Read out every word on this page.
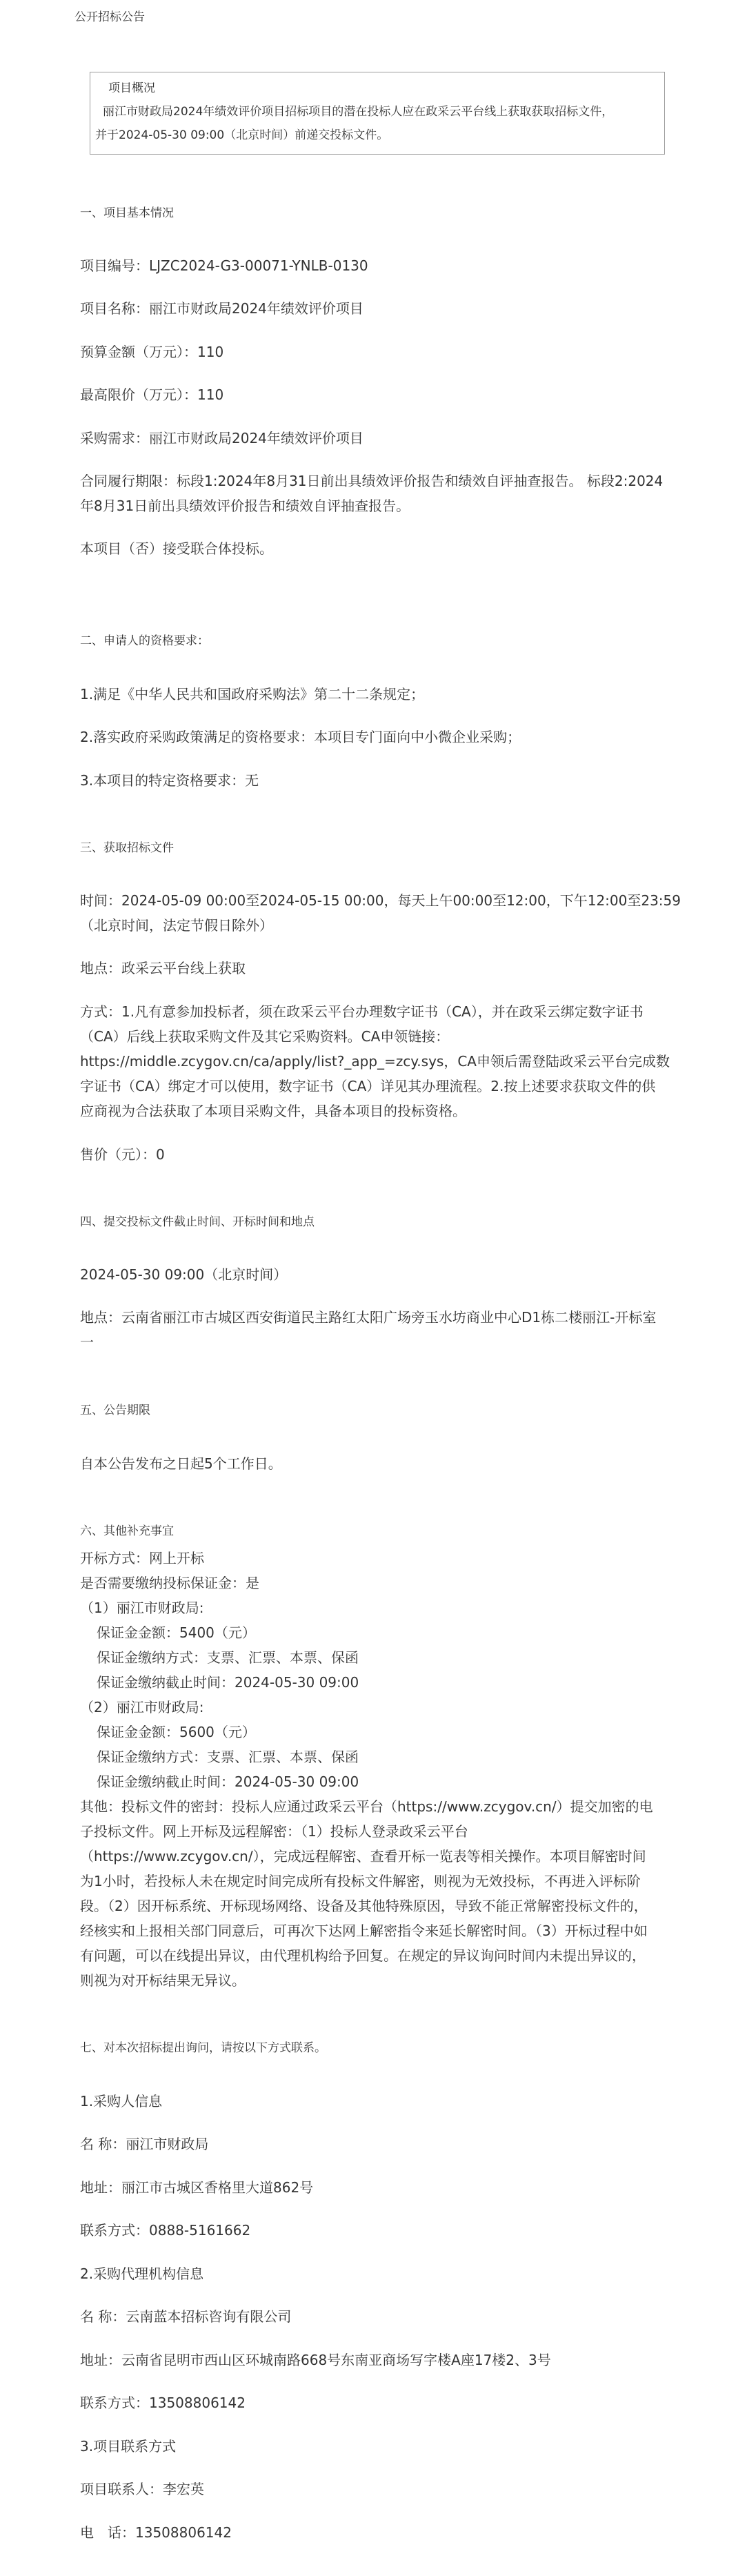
公开招标公告

项目概况

丽江市财政局2024年绩效评价项目招标项目的潜在投标人应在政采云平台线上获取获取招标文件，

并于2024-05-30 09:00（北京时间）前递交投标文件。

一、项目基本情况

项目编号：LJZC2024-G3-00071-YNLB-0130

项目名称：丽江市财政局2024年绩效评价项目

预算金额（万元）：110

最高限价（万元）：110

采购需求：丽江市财政局2024年绩效评价项目

合同履行期限：标段1:2024年8月31日前出具绩效评价报告和绩效自评抽查报告。 标段2:2024

年8月31日前出具绩效评价报告和绩效自评抽查报告。

本项目（否）接受联合体投标。

二、申请人的资格要求：

1.满足《中华人民共和国政府采购法》第二十二条规定；

2.落实政府采购政策满足的资格要求：本项目专门面向中小微企业采购；

3.本项目的特定资格要求：无

三、获取招标文件

时间：2024-05-09 00:00至2024-05-15 00:00，每天上午00:00至12:00，下午12:00至23:59

（北京时间，法定节假日除外）

地点：政采云平台线上获取

方式：1.凡有意参加投标者，须在政采云平台办理数字证书（CA），并在政采云绑定数字证书

（CA）后线上获取采购文件及其它采购资料。CA申领链接：

https://middle.zcygov.cn/ca/apply/list?_app_=zcy.sys，CA申领后需登陆政采云平台完成数

字证书（CA）绑定才可以使用，数字证书（CA）详见其办理流程。2.按上述要求获取文件的供

应商视为合法获取了本项目采购文件，具备本项目的投标资格。

售价（元）：0

四、提交投标文件截止时间、开标时间和地点

2024-05-30 09:00（北京时间）

地点：云南省丽江市古城区西安街道民主路红太阳广场旁玉水坊商业中心D1栋二楼丽江-开标室

一

五、公告期限

自本公告发布之日起5个工作日。

六、其他补充事宜

开标方式：网上开标

是否需要缴纳投标保证金：是

（1）丽江市财政局:

保证金金额：5400（元）

保证金缴纳方式：支票、汇票、本票、保函

保证金缴纳截止时间：2024-05-30 09:00

（2）丽江市财政局:

保证金金额：5600（元）

保证金缴纳方式：支票、汇票、本票、保函

保证金缴纳截止时间：2024-05-30 09:00

其他：投标文件的密封：投标人应通过政采云平台（https://www.zcygov.cn/）提交加密的电

子投标文件。网上开标及远程解密：（1）投标人登录政采云平台

（https://www.zcygov.cn/），完成远程解密、查看开标一览表等相关操作。本项目解密时间

为1小时，若投标人未在规定时间完成所有投标文件解密，则视为无效投标，不再进入评标阶

段。（2）因开标系统、开标现场网络、设备及其他特殊原因，导致不能正常解密投标文件的，

经核实和上报相关部门同意后，可再次下达网上解密指令来延长解密时间。（3）开标过程中如

有问题，可以在线提出异议，由代理机构给予回复。在规定的异议询问时间内未提出异议的，

则视为对开标结果无异议。

七、对本次招标提出询问，请按以下方式联系。

1.采购人信息

名 称：丽江市财政局

地址：丽江市古城区香格里大道862号

联系方式：0888-5161662

2.采购代理机构信息

名 称：云南蓝本招标咨询有限公司

地址：云南省昆明市西山区环城南路668号东南亚商场写字楼A座17楼2、3号

联系方式：13508806142

3.项目联系方式

项目联系人：李宏英

电　话：13508806142
